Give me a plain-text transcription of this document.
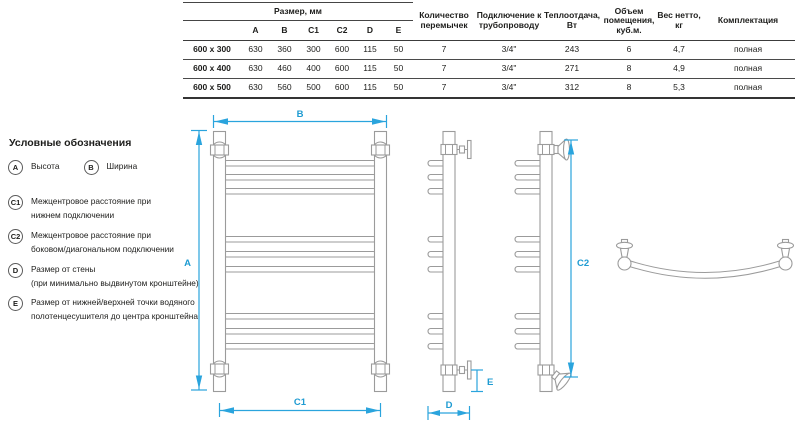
Размер, мм							Количество перемычек	Подключение к трубопроводу	Теплоотдача, Вт	Объем помещения, куб.м.	Вес нетто, кг	Комплектация
	A	B	C1	C2	D	E						
600 x 300	630	360	300	600	115	50	7	3/4"	243	6	4,7	полная
600 x 400	630	460	400	600	115	50	7	3/4"	271	8	4,9	полная
600 x 500	630	560	500	600	115	50	7	3/4"	312	8	5,3	полная
Условные обозначения
A	Высота	B	Ширина
C1	Межцентровое расстояние при
нижнем подключении
C2	Межцентровое расстояние при
боковом/диагональном подключении
D	Размер от стены
(при минимально выдвинутом кронштейне)
E	Размер от нижней/верхней точки водяного
полотенцесушителя до центра кронштейна
B
A
C1
E
D
C2
